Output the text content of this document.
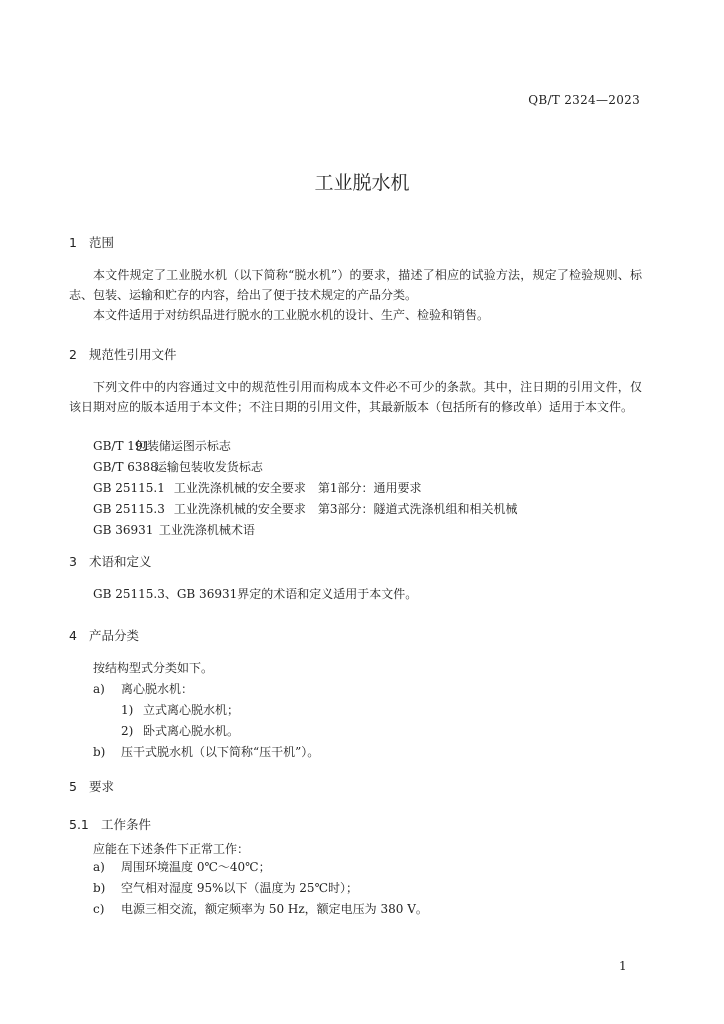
QB/T 2324—2023
工业脱水机
1 范围
本文件规定了工业脱水机（以下简称“脱水机”）的要求，描述了相应的试验方法，规定了检验规则、标志、包装、运输和贮存的内容，给出了便于技术规定的产品分类。
本文件适用于对纺织品进行脱水的工业脱水机的设计、生产、检验和销售。
2 规范性引用文件
下列文件中的内容通过文中的规范性引用而构成本文件必不可少的条款。其中，注日期的引用文件，仅该日期对应的版本适用于本文件；不注日期的引用文件，其最新版本（包括所有的修改单）适用于本文件。
GB/T 191 包装储运图示标志
GB/T 6388 运输包装收发货标志
GB 25115.1 工业洗涤机械的安全要求　第1部分：通用要求
GB 25115.3 工业洗涤机械的安全要求　第3部分：隧道式洗涤机组和相关机械
GB 36931 工业洗涤机械术语
3 术语和定义
GB 25115.3、GB 36931界定的术语和定义适用于本文件。
4 产品分类
按结构型式分类如下。
a) 离心脱水机：
1) 立式离心脱水机；
2) 卧式离心脱水机。
b) 压干式脱水机（以下简称“压干机”）。
5 要求
5.1 工作条件
应能在下述条件下正常工作：
a) 周围环境温度 0℃～40℃；
b) 空气相对湿度 95%以下（温度为 25℃时）；
c) 电源三相交流，额定频率为 50 Hz，额定电压为 380 V。
1
